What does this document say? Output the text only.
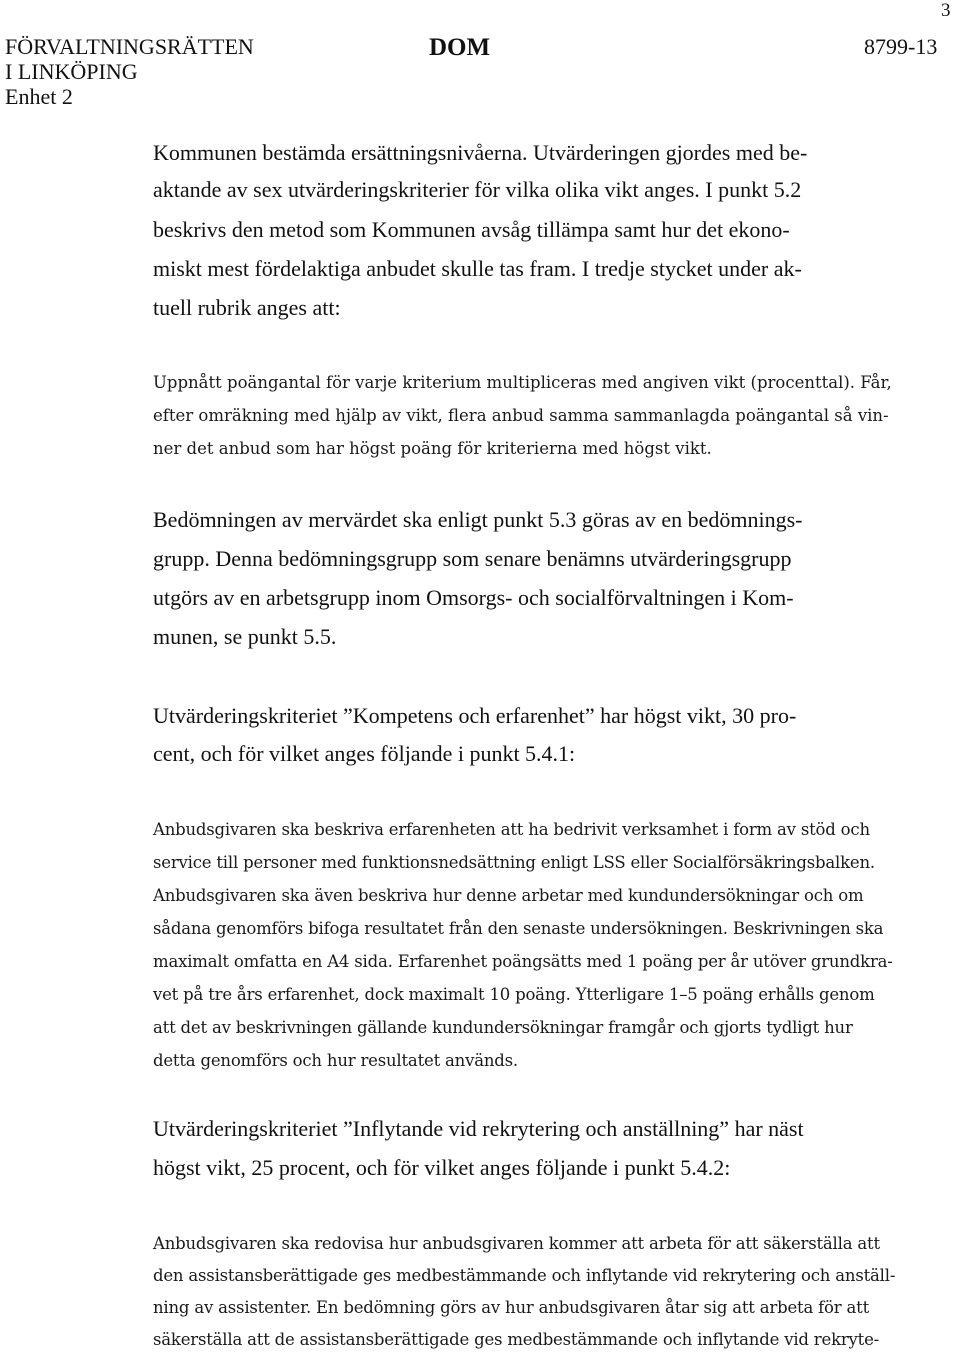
3
FÖRVALTNINGSRÄTTEN
I LINKÖPING
Enhet 2
DOM	8799-13
Kommunen bestämda ersättningsnivåerna. Utvärderingen gjordes med be-
aktande av sex utvärderingskriterier för vilka olika vikt anges. I punkt 5.2
beskrivs den metod som Kommunen avsåg tillämpa samt hur det ekono-
miskt mest fördelaktiga anbudet skulle tas fram. I tredje stycket under ak-
tuell rubrik anges att:
Uppnått poängantal för varje kriterium multipliceras med angiven vikt (procenttal). Får,
efter omräkning med hjälp av vikt, flera anbud samma sammanlagda poängantal så vin-
ner det anbud som har högst poäng för kriterierna med högst vikt.
Bedömningen av mervärdet ska enligt punkt 5.3 göras av en bedömnings-
grupp. Denna bedömningsgrupp som senare benämns utvärderingsgrupp
utgörs av en arbetsgrupp inom Omsorgs- och socialförvaltningen i Kom-
munen, se punkt 5.5.
Utvärderingskriteriet ”Kompetens och erfarenhet” har högst vikt, 30 pro-
cent, och för vilket anges följande i punkt 5.4.1:
Anbudsgivaren ska beskriva erfarenheten att ha bedrivit verksamhet i form av stöd och
service till personer med funktionsnedsättning enligt LSS eller Socialförsäkringsbalken.
Anbudsgivaren ska även beskriva hur denne arbetar med kundundersökningar och om
sådana genomförs bifoga resultatet från den senaste undersökningen. Beskrivningen ska
maximalt omfatta en A4 sida. Erfarenhet poängsätts med 1 poäng per år utöver grundkra-
vet på tre års erfarenhet, dock maximalt 10 poäng. Ytterligare 1–5 poäng erhålls genom
att det av beskrivningen gällande kundundersökningar framgår och gjorts tydligt hur
detta genomförs och hur resultatet används.
Utvärderingskriteriet ”Inflytande vid rekrytering och anställning” har näst
högst vikt, 25 procent, och för vilket anges följande i punkt 5.4.2:
Anbudsgivaren ska redovisa hur anbudsgivaren kommer att arbeta för att säkerställa att
den assistansberättigade ges medbestämmande och inflytande vid rekrytering och anställ-
ning av assistenter. En bedömning görs av hur anbudsgivaren åtar sig att arbeta för att
säkerställa att de assistansberättigade ges medbestämmande och inflytande vid rekryte-
